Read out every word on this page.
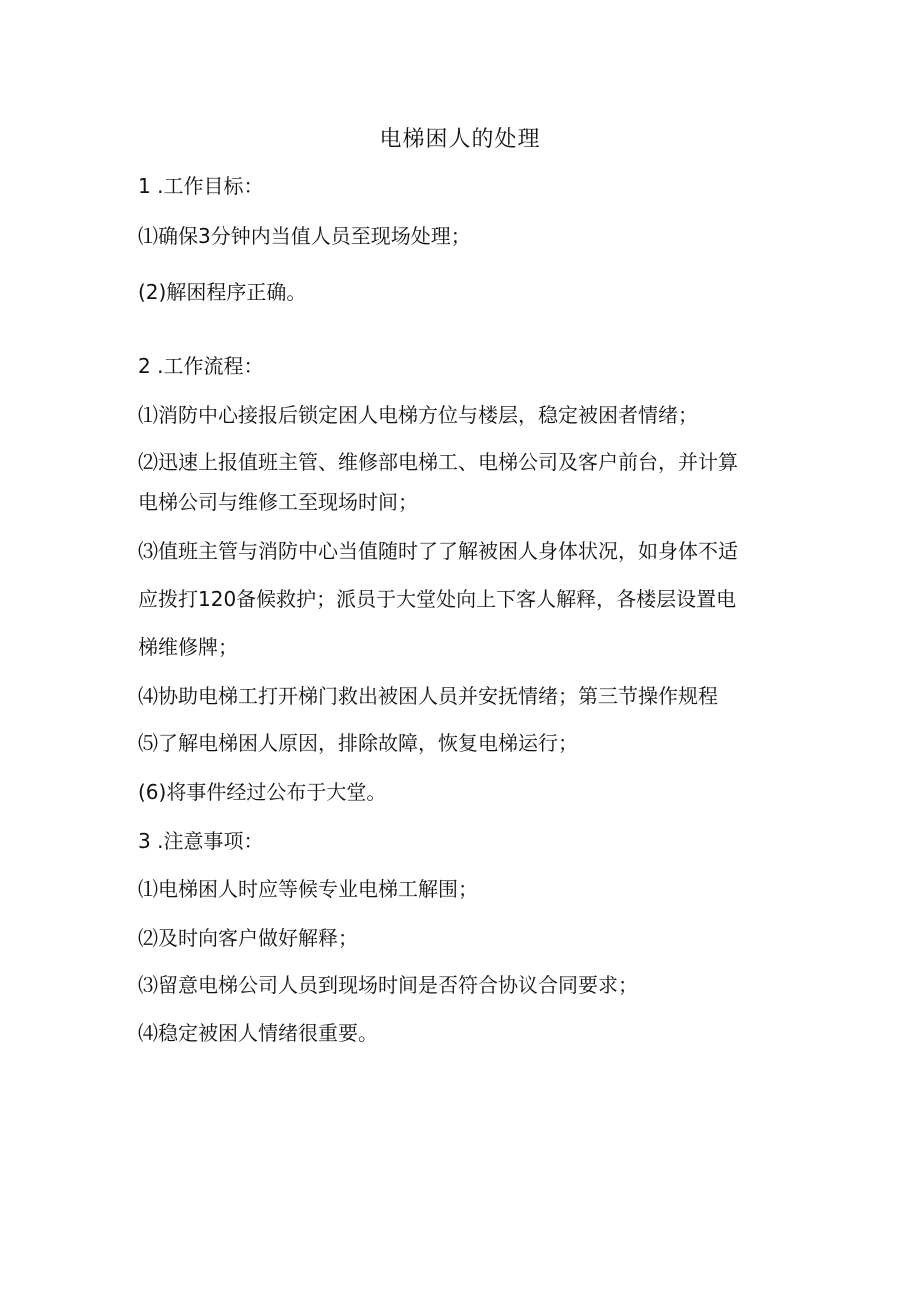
电梯困人的处理
1 .工作目标：
⑴确保3分钟内当值人员至现场处理；
(2)解困程序正确。
2 .工作流程：
⑴消防中心接报后锁定困人电梯方位与楼层，稳定被困者情绪；
⑵迅速上报值班主管、维修部电梯工、电梯公司及客户前台，并计算
电梯公司与维修工至现场时间；
⑶值班主管与消防中心当值随时了了解被困人身体状况，如身体不适
应拨打120备候救护；派员于大堂处向上下客人解释，各楼层设置电
梯维修牌；
⑷协助电梯工打开梯门救出被困人员并安抚情绪；第三节操作规程
⑸了解电梯困人原因，排除故障，恢复电梯运行；
(6)将事件经过公布于大堂。
3 .注意事项：
⑴电梯困人时应等候专业电梯工解围；
⑵及时向客户做好解释；
⑶留意电梯公司人员到现场时间是否符合协议合同要求；
⑷稳定被困人情绪很重要。
